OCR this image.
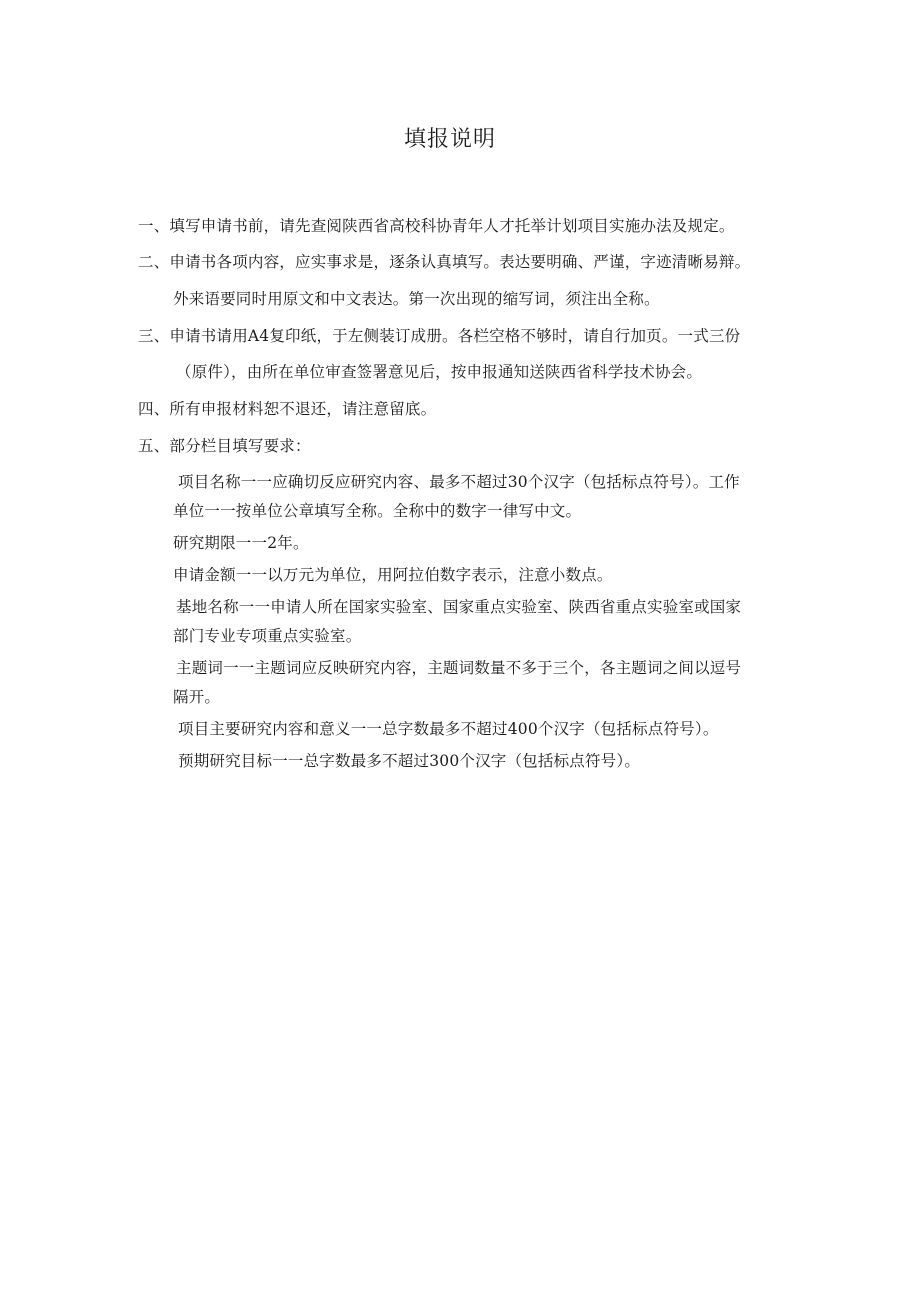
填报说明
一、填写申请书前，请先查阅陕西省高校科协青年人才托举计划项目实施办法及规定。
二、申请书各项内容，应实事求是，逐条认真填写。表达要明确、严谨，字迹清晰易辩。
外来语要同时用原文和中文表达。第一次出现的缩写词，须注出全称。
三、申请书请用A4复印纸，于左侧装订成册。各栏空格不够时，请自行加页。一式三份
（原件），由所在单位审查签署意见后，按申报通知送陕西省科学技术协会。
四、所有申报材料恕不退还，请注意留底。
五、部分栏目填写要求：
项目名称一一应确切反应研究内容、最多不超过30个汉字（包括标点符号）。工作
单位一一按单位公章填写全称。全称中的数字一律写中文。
研究期限一一2年。
申请金额一一以万元为单位，用阿拉伯数字表示，注意小数点。
基地名称一一申请人所在国家实验室、国家重点实验室、陕西省重点实验室或国家
部门专业专项重点实验室。
主题词一一主题词应反映研究内容，主题词数量不多于三个，各主题词之间以逗号
隔开。
项目主要研究内容和意义一一总字数最多不超过400个汉字（包括标点符号）。
预期研究目标一一总字数最多不超过300个汉字（包括标点符号）。
